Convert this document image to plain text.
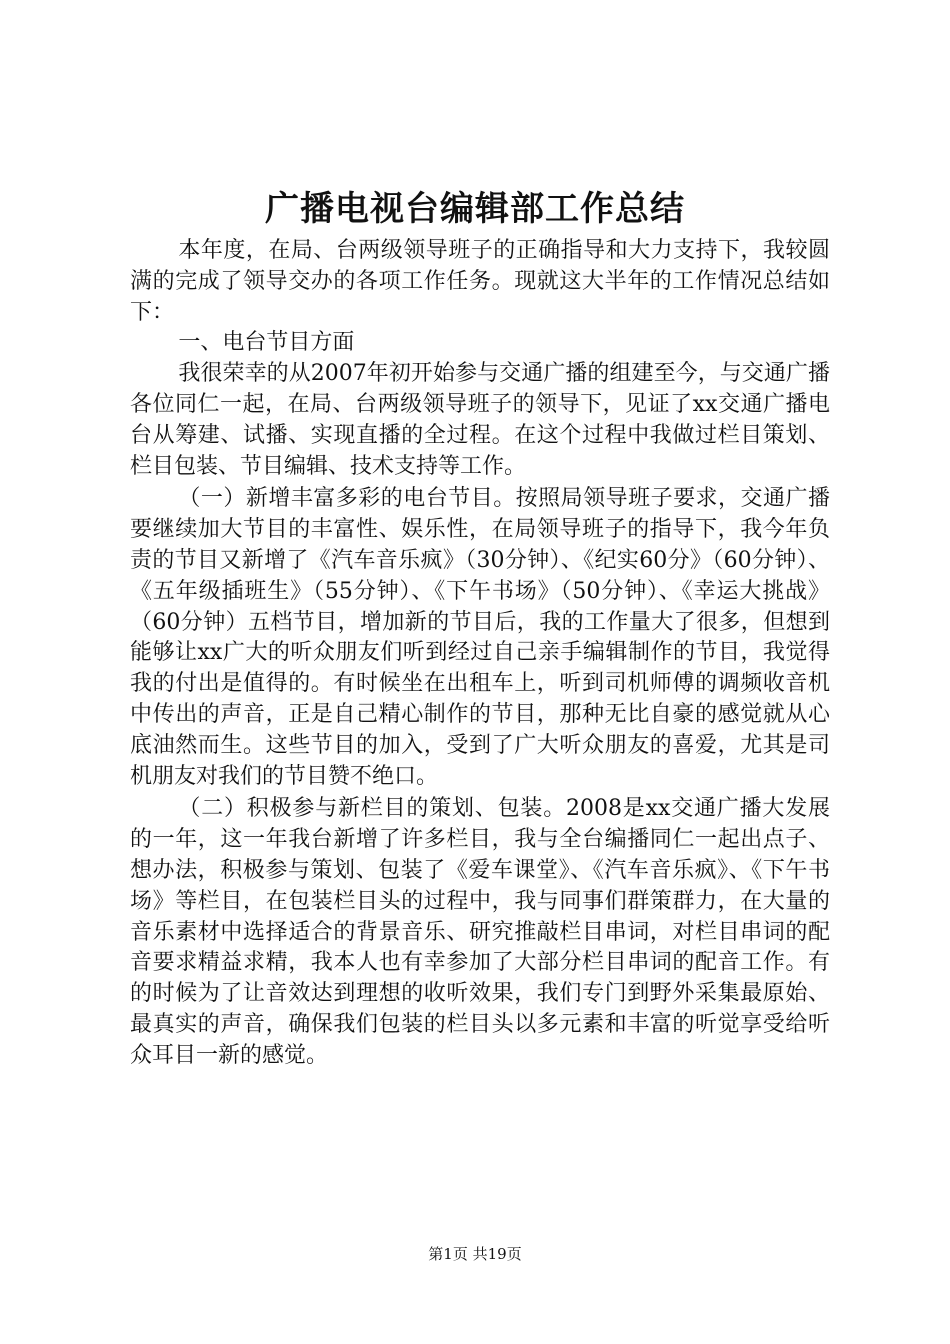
广播电视台编辑部工作总结

本年度，在局、台两级领导班子的正确指导和大力支持下，我较圆满的完成了领导交办的各项工作任务。现就这大半年的工作情况总结如下：

一、电台节目方面

我很荣幸的从2007年初开始参与交通广播的组建至今，与交通广播各位同仁一起，在局、台两级领导班子的领导下，见证了xx交通广播电台从筹建、试播、实现直播的全过程。在这个过程中我做过栏目策划、栏目包装、节目编辑、技术支持等工作。

（一）新增丰富多彩的电台节目。按照局领导班子要求，交通广播要继续加大节目的丰富性、娱乐性，在局领导班子的指导下，我今年负责的节目又新增了《汽车音乐疯》（30分钟）、《纪实60分》（60分钟）、《五年级插班生》（55分钟）、《下午书场》（50分钟）、《幸运大挑战》（60分钟）五档节目，增加新的节目后，我的工作量大了很多，但想到能够让xx广大的听众朋友们听到经过自己亲手编辑制作的节目，我觉得我的付出是值得的。有时候坐在出租车上，听到司机师傅的调频收音机中传出的声音，正是自己精心制作的节目，那种无比自豪的感觉就从心底油然而生。这些节目的加入，受到了广大听众朋友的喜爱，尤其是司机朋友对我们的节目赞不绝口。

（二）积极参与新栏目的策划、包装。2008是xx交通广播大发展的一年，这一年我台新增了许多栏目，我与全台编播同仁一起出点子、想办法，积极参与策划、包装了《爱车课堂》、《汽车音乐疯》、《下午书场》等栏目，在包装栏目头的过程中，我与同事们群策群力，在大量的音乐素材中选择适合的背景音乐、研究推敲栏目串词，对栏目串词的配音要求精益求精，我本人也有幸参加了大部分栏目串词的配音工作。有的时候为了让音效达到理想的收听效果，我们专门到野外采集最原始、最真实的声音，确保我们包装的栏目头以多元素和丰富的听觉享受给听众耳目一新的感觉。

第1页 共19页
